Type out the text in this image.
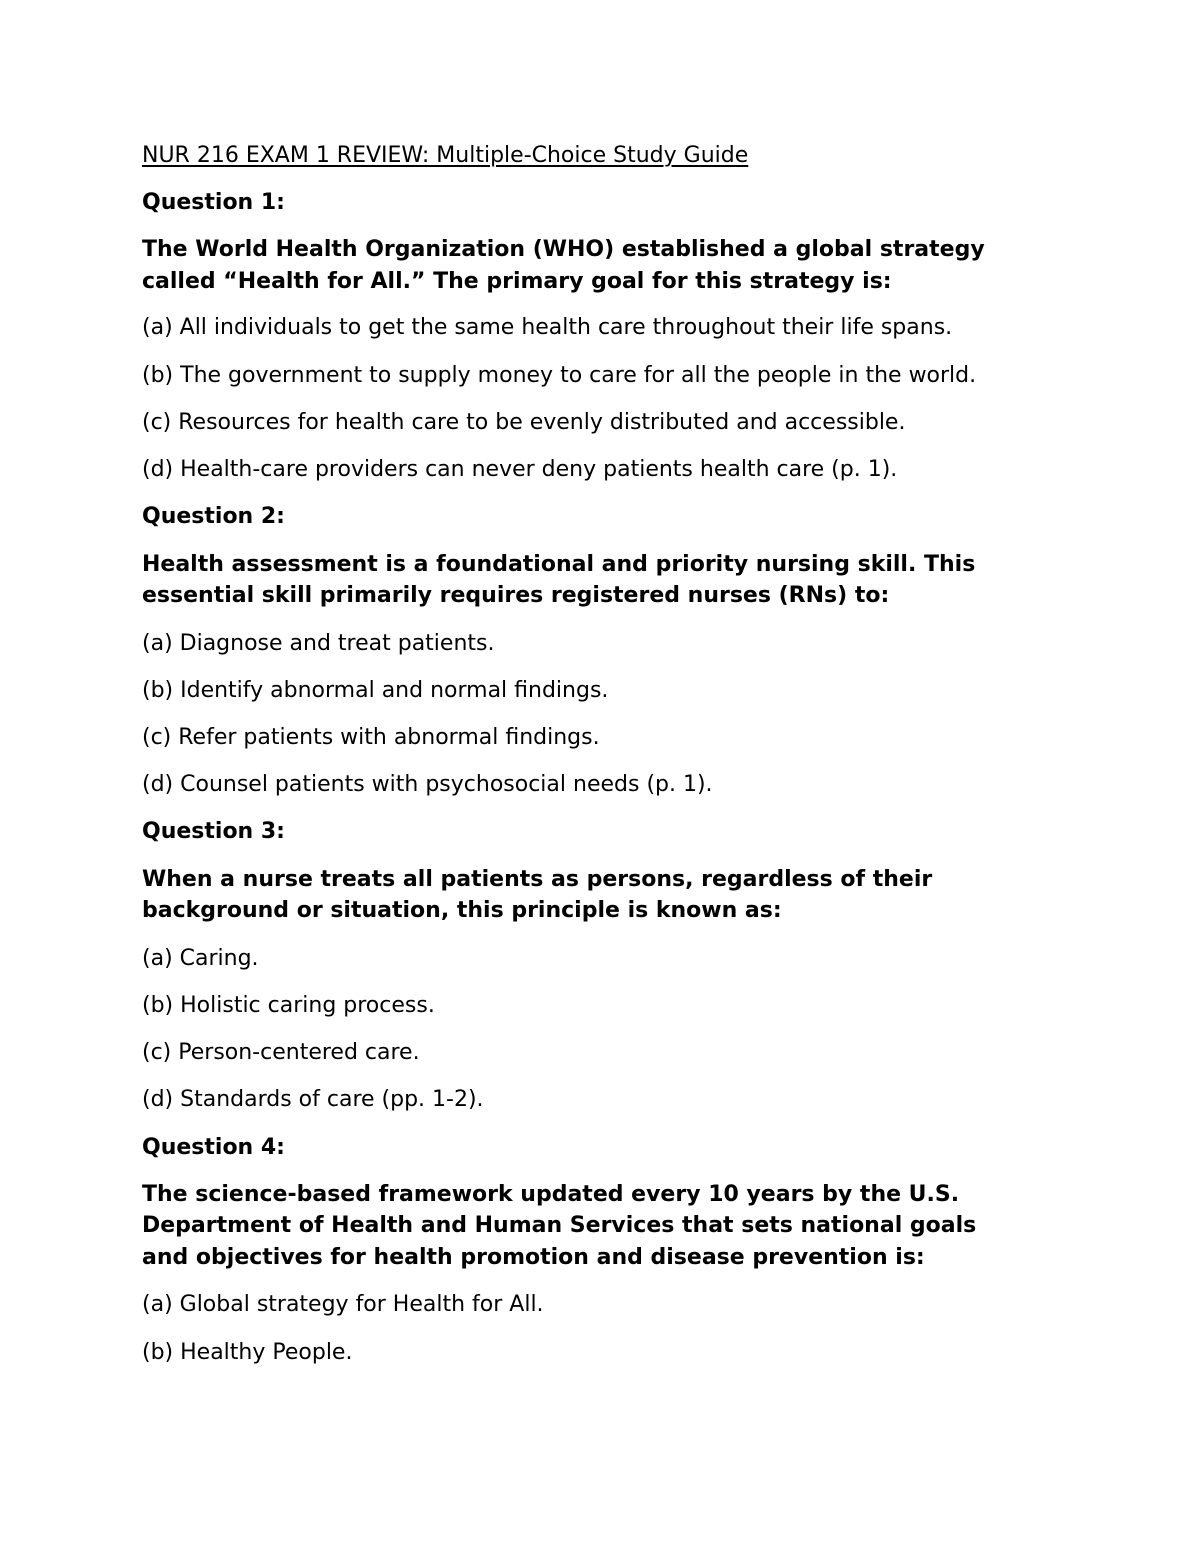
NUR 216 EXAM 1 REVIEW: Multiple-Choice Study Guide

Question 1:

The World Health Organization (WHO) established a global strategy

called “Health for All.” The primary goal for this strategy is:

(a) All individuals to get the same health care throughout their life spans.

(b) The government to supply money to care for all the people in the world.

(c) Resources for health care to be evenly distributed and accessible.

(d) Health-care providers can never deny patients health care (p. 1).

Question 2:

Health assessment is a foundational and priority nursing skill. This

essential skill primarily requires registered nurses (RNs) to:

(a) Diagnose and treat patients.

(b) Identify abnormal and normal findings.

(c) Refer patients with abnormal findings.

(d) Counsel patients with psychosocial needs (p. 1).

Question 3:

When a nurse treats all patients as persons, regardless of their

background or situation, this principle is known as:

(a) Caring.

(b) Holistic caring process.

(c) Person-centered care.

(d) Standards of care (pp. 1-2).

Question 4:

The science-based framework updated every 10 years by the U.S.

Department of Health and Human Services that sets national goals

and objectives for health promotion and disease prevention is:

(a) Global strategy for Health for All.

(b) Healthy People.
